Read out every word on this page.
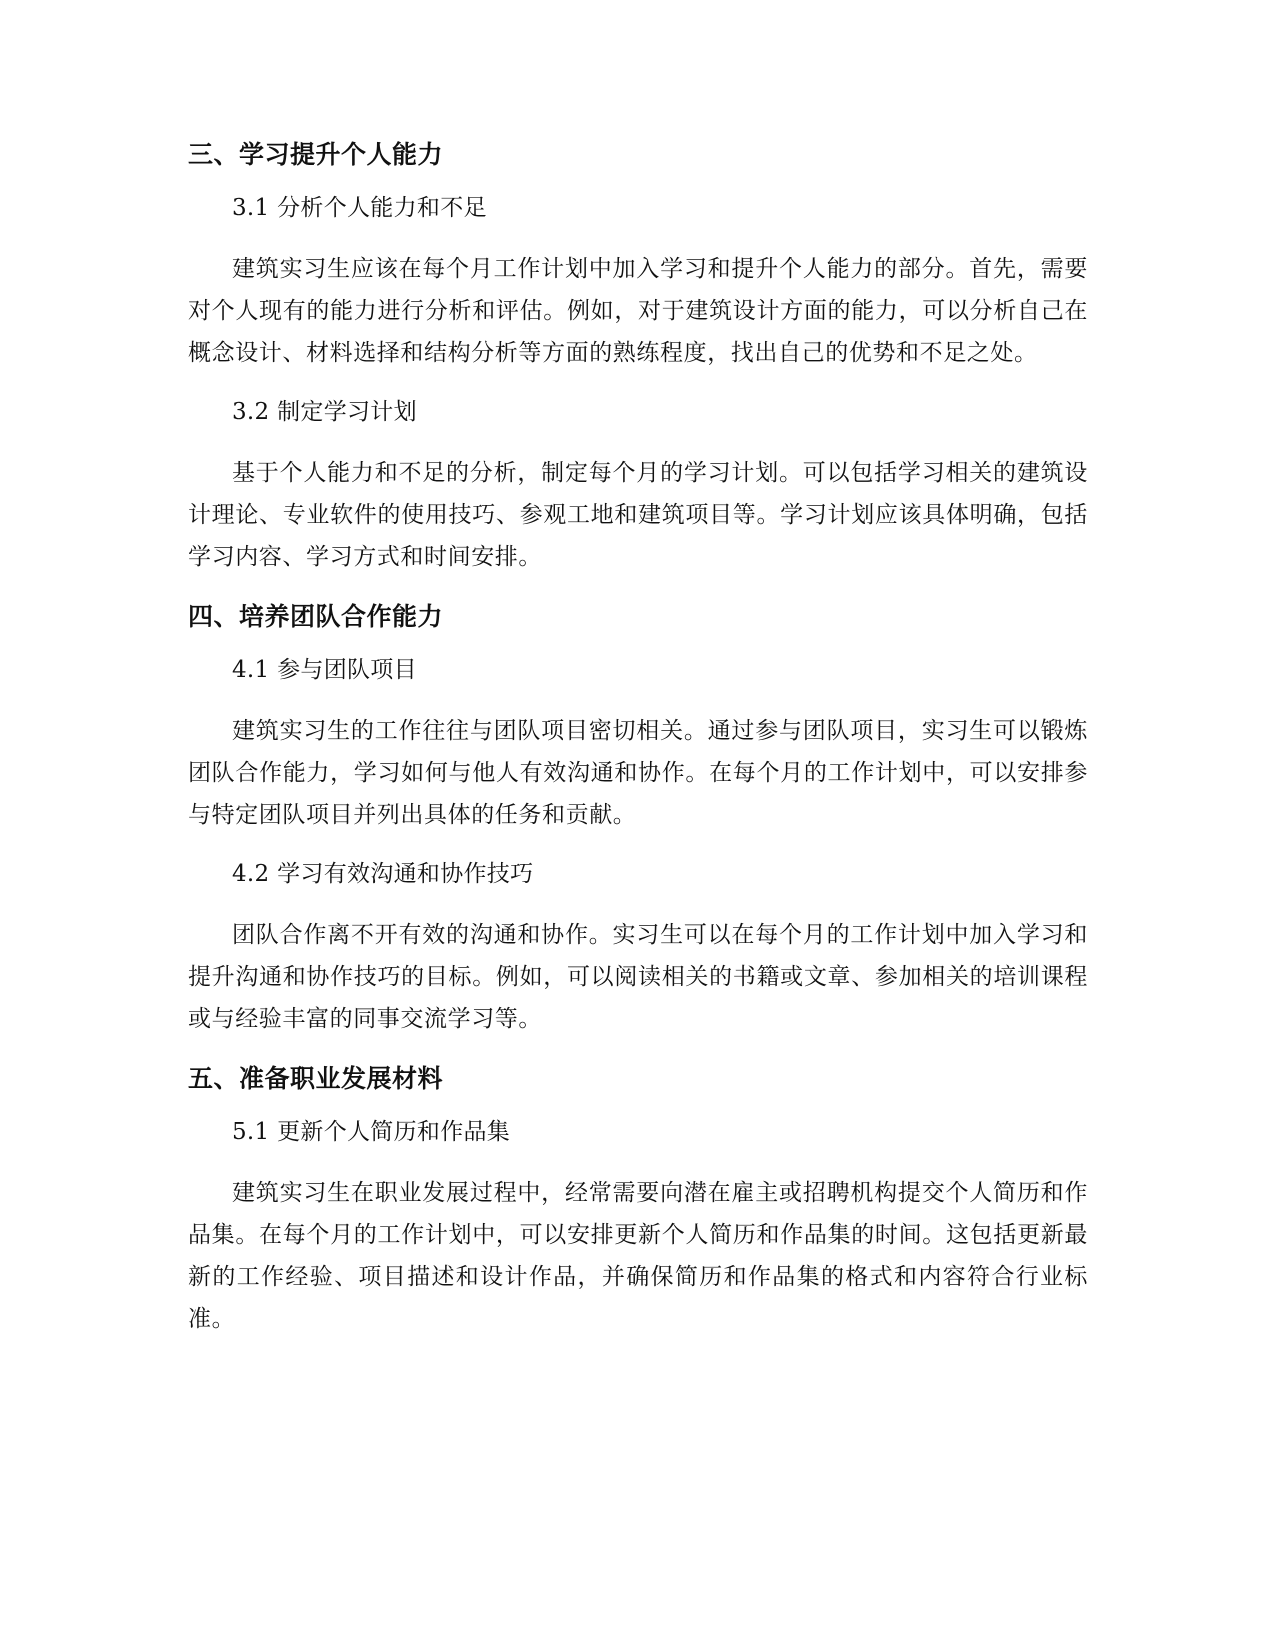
三、学习提升个人能力
3.1 分析个人能力和不足

建筑实习生应该在每个月工作计划中加入学习和提升个人能力的部分。首先，需要对个人现有的能力进行分析和评估。例如，对于建筑设计方面的能力，可以分析自己在概念设计、材料选择和结构分析等方面的熟练程度，找出自己的优势和不足之处。

3.2 制定学习计划

基于个人能力和不足的分析，制定每个月的学习计划。可以包括学习相关的建筑设计理论、专业软件的使用技巧、参观工地和建筑项目等。学习计划应该具体明确，包括学习内容、学习方式和时间安排。

四、培养团队合作能力
4.1 参与团队项目

建筑实习生的工作往往与团队项目密切相关。通过参与团队项目，实习生可以锻炼团队合作能力，学习如何与他人有效沟通和协作。在每个月的工作计划中，可以安排参与特定团队项目并列出具体的任务和贡献。

4.2 学习有效沟通和协作技巧

团队合作离不开有效的沟通和协作。实习生可以在每个月的工作计划中加入学习和提升沟通和协作技巧的目标。例如，可以阅读相关的书籍或文章、参加相关的培训课程或与经验丰富的同事交流学习等。

五、准备职业发展材料
5.1 更新个人简历和作品集

建筑实习生在职业发展过程中，经常需要向潜在雇主或招聘机构提交个人简历和作品集。在每个月的工作计划中，可以安排更新个人简历和作品集的时间。这包括更新最新的工作经验、项目描述和设计作品，并确保简历和作品集的格式和内容符合行业标准。
